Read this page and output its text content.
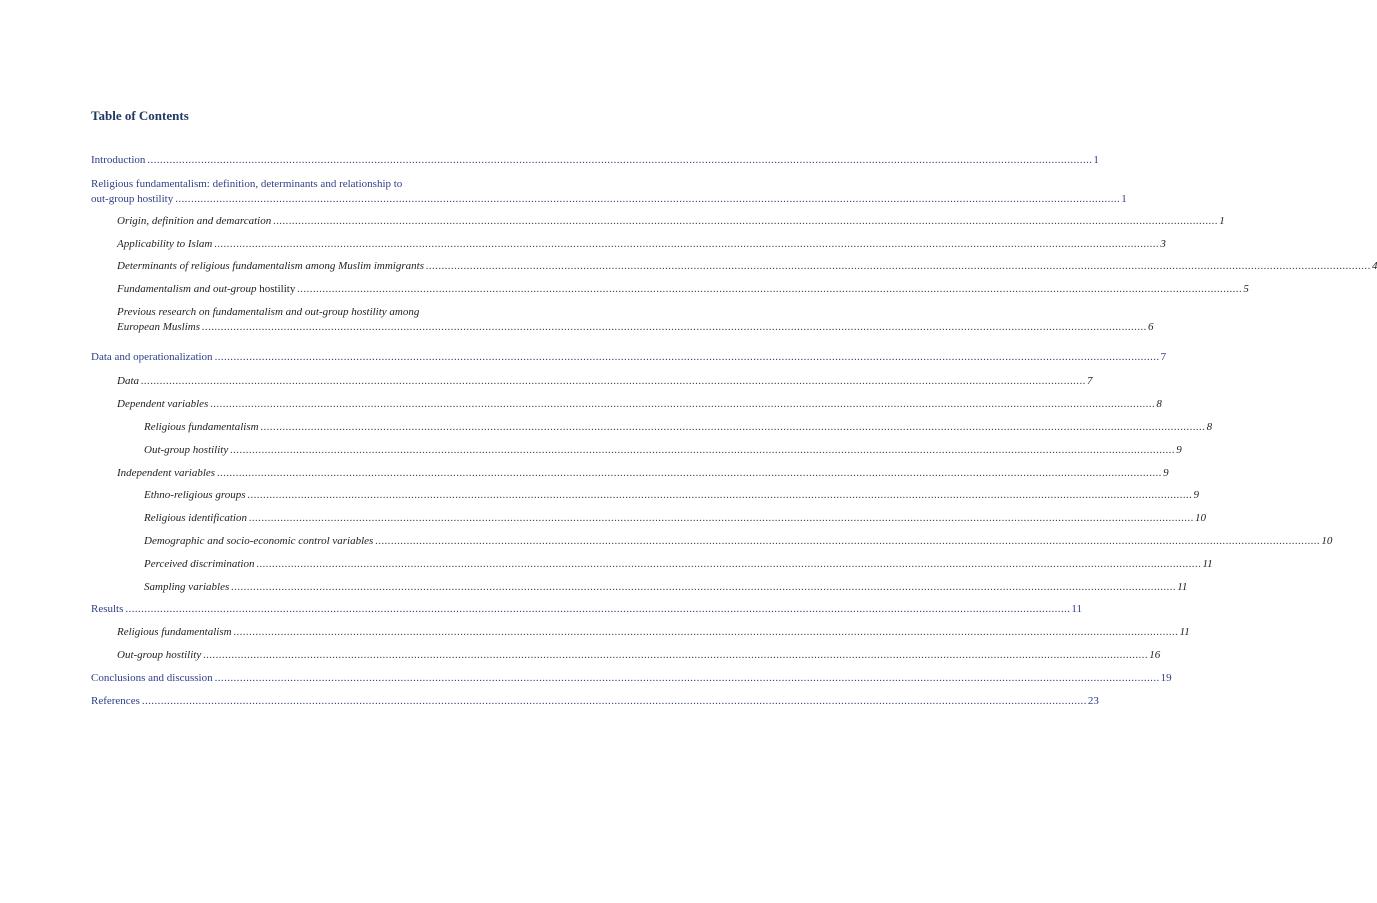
Table of Contents
Introduction ............................................................................................................................................................................................................................................................................................................ 1
Religious fundamentalism: definition, determinants and relationship to
out-group hostility ............................................................................................................................................................................................................................................................................................................ 1
Origin, definition and demarcation ............................................................................................................................................................................................................................................................................................................ 1
Applicability to Islam ............................................................................................................................................................................................................................................................................................................ 3
Determinants of religious fundamentalism among Muslim immigrants ............................................................................................................................................................................................................................................................................................................ 4
Fundamentalism and out-group hostility ............................................................................................................................................................................................................................................................................................................ 5
Previous research on fundamentalism and out-group hostility among
European Muslims ............................................................................................................................................................................................................................................................................................................ 6
Data and operationalization ............................................................................................................................................................................................................................................................................................................ 7
Data ............................................................................................................................................................................................................................................................................................................ 7
Dependent variables ............................................................................................................................................................................................................................................................................................................ 8
Religious fundamentalism ............................................................................................................................................................................................................................................................................................................ 8
Out-group hostility ............................................................................................................................................................................................................................................................................................................ 9
Independent variables ............................................................................................................................................................................................................................................................................................................ 9
Ethno-religious groups ............................................................................................................................................................................................................................................................................................................ 9
Religious identification ............................................................................................................................................................................................................................................................................................................ 10
Demographic and socio-economic control variables ............................................................................................................................................................................................................................................................................................................ 10
Perceived discrimination ............................................................................................................................................................................................................................................................................................................ 11
Sampling variables ............................................................................................................................................................................................................................................................................................................ 11
Results ............................................................................................................................................................................................................................................................................................................ 11
Religious fundamentalism ............................................................................................................................................................................................................................................................................................................ 11
Out-group hostility ............................................................................................................................................................................................................................................................................................................ 16
Conclusions and discussion ............................................................................................................................................................................................................................................................................................................ 19
References ............................................................................................................................................................................................................................................................................................................ 23
